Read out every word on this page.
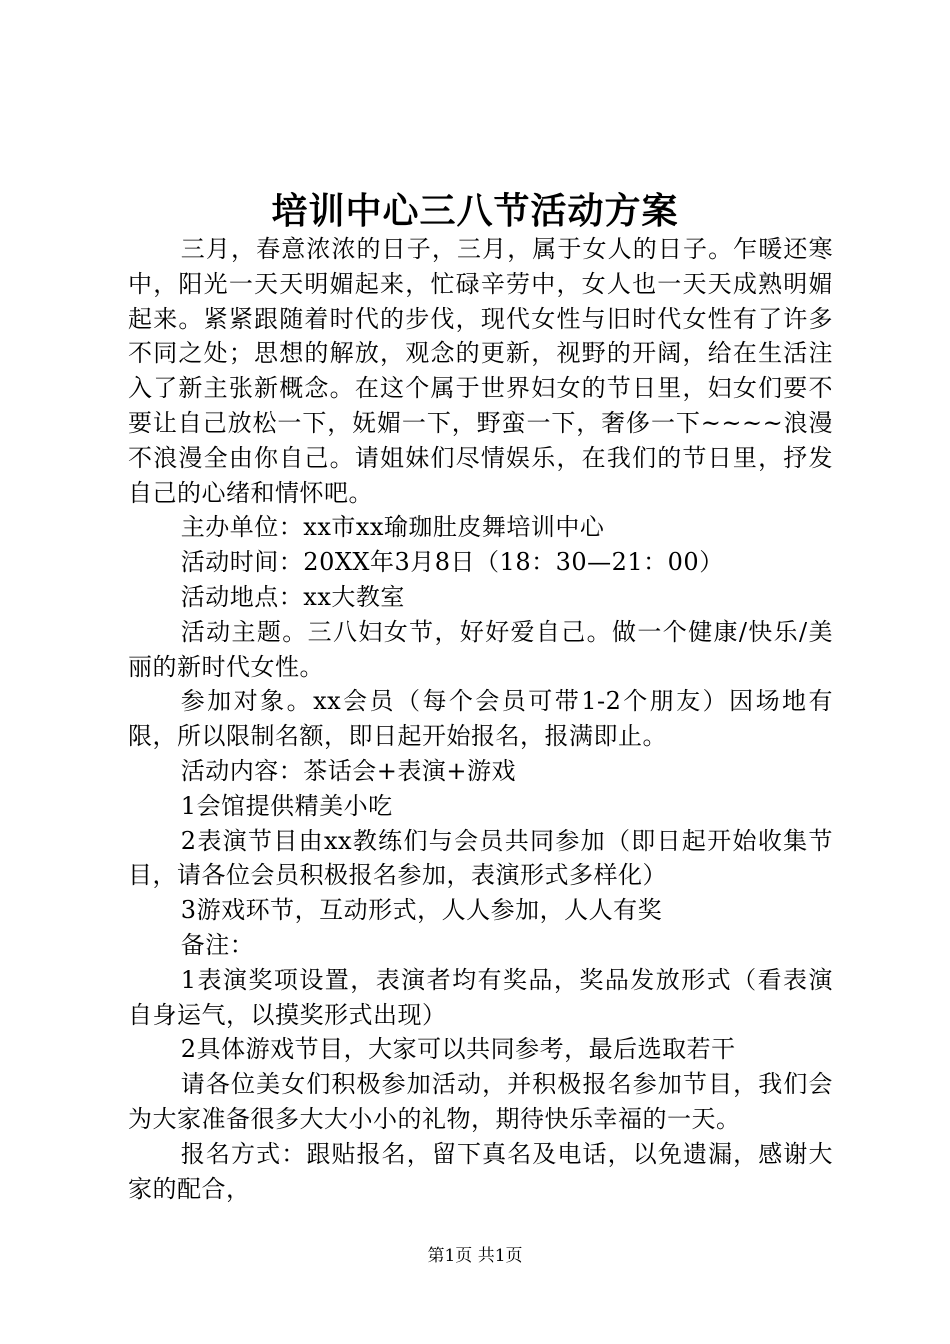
培训中心三八节活动方案

三月，春意浓浓的日子，三月，属于女人的日子。乍暖还寒中，阳光一天天明媚起来，忙碌辛劳中，女人也一天天成熟明媚起来。紧紧跟随着时代的步伐，现代女性与旧时代女性有了许多不同之处；思想的解放，观念的更新，视野的开阔，给在生活注入了新主张新概念。在这个属于世界妇女的节日里，妇女们要不要让自己放松一下，妩媚一下，野蛮一下，奢侈一下~~~~浪漫不浪漫全由你自己。请姐妹们尽情娱乐，在我们的节日里，抒发自己的心绪和情怀吧。

主办单位：xx市xx瑜珈肚皮舞培训中心

活动时间：20XX年3月8日（18：30—21：00）

活动地点：xx大教室

活动主题。三八妇女节，好好爱自己。做一个健康/快乐/美丽的新时代女性。

参加对象。xx会员（每个会员可带1-2个朋友）因场地有限，所以限制名额，即日起开始报名，报满即止。

活动内容：茶话会+表演+游戏

1会馆提供精美小吃

2表演节目由xx教练们与会员共同参加（即日起开始收集节目，请各位会员积极报名参加，表演形式多样化）

3游戏环节，互动形式，人人参加，人人有奖

备注：

1表演奖项设置，表演者均有奖品，奖品发放形式（看表演自身运气，以摸奖形式出现）

2具体游戏节目，大家可以共同参考，最后选取若干

请各位美女们积极参加活动，并积极报名参加节目，我们会为大家准备很多大大小小的礼物，期待快乐幸福的一天。

报名方式：跟贴报名，留下真名及电话，以免遗漏，感谢大家的配合，

第1页 共1页
